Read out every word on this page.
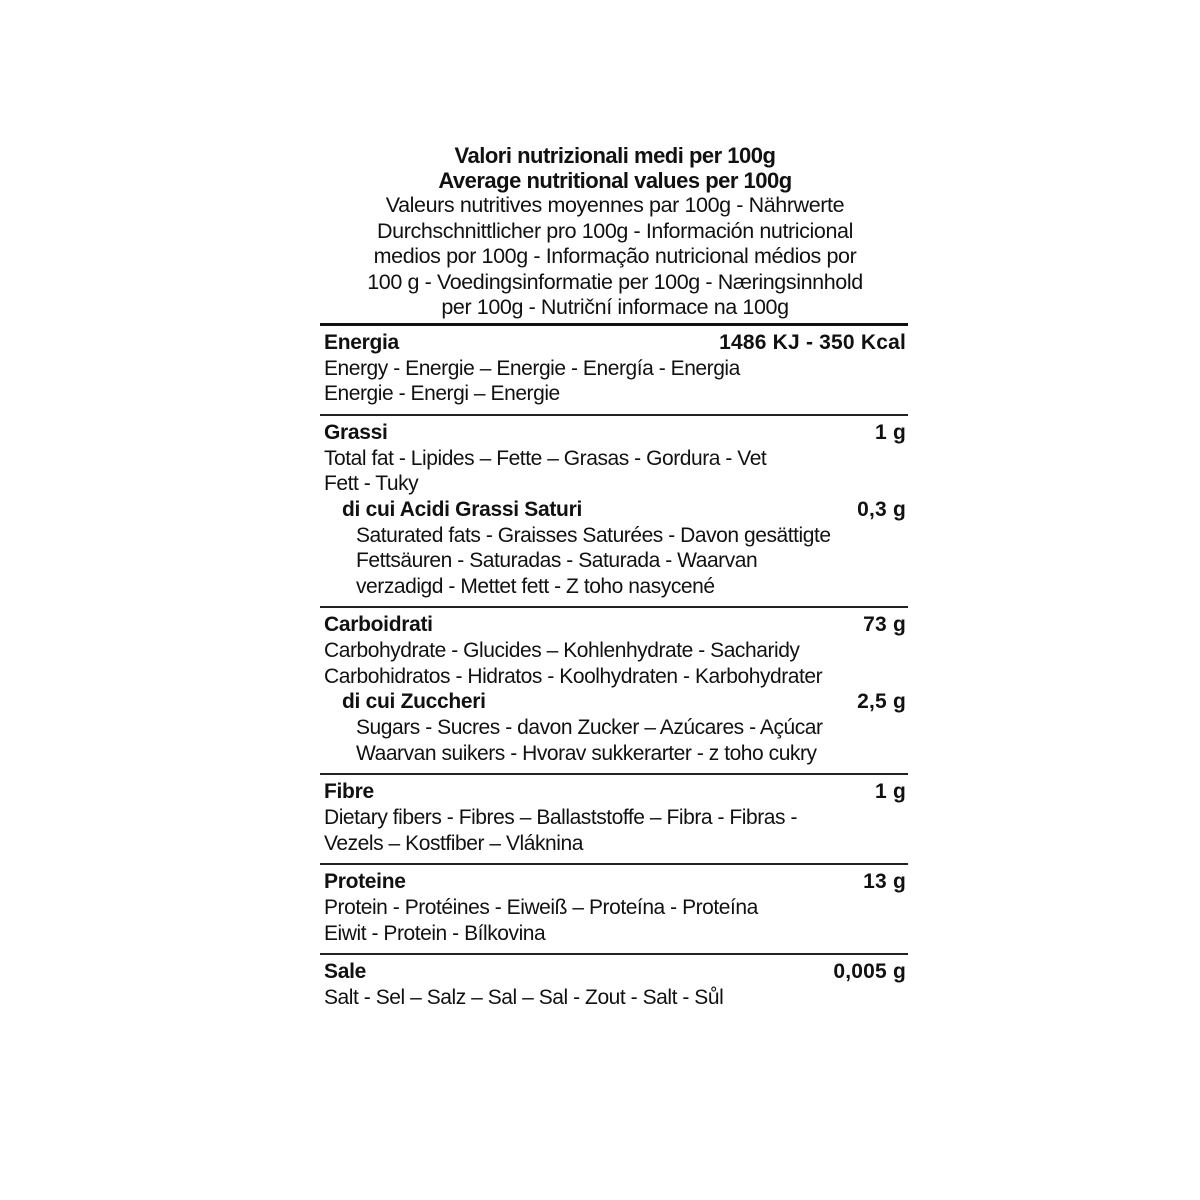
Valori nutrizionali medi per 100g
Average nutritional values per 100g
Valeurs nutritives moyennes par 100g - Nährwerte
Durchschnittlicher pro 100g - Información nutricional
medios por 100g - Informação nutricional médios por
100 g - Voedingsinformatie per 100g - Næringsinnhold
per 100g - Nutriční informace na 100g
Energia	1486 KJ - 350 Kcal
Energy - Energie – Energie - Energía - Energia
Energie - Energi – Energie
Grassi	1 g
Total fat - Lipides – Fette – Grasas - Gordura - Vet
Fett - Tuky
di cui Acidi Grassi Saturi	0,3 g
Saturated fats - Graisses Saturées - Davon gesättigte
Fettsäuren - Saturadas - Saturada - Waarvan
verzadigd - Mettet fett - Z toho nasycené
Carboidrati	73 g
Carbohydrate - Glucides – Kohlenhydrate - Sacharidy
Carbohidratos - Hidratos - Koolhydraten - Karbohydrater
di cui Zuccheri	2,5 g
Sugars - Sucres - davon Zucker – Azúcares - Açúcar
Waarvan suikers - Hvorav sukkerarter - z toho cukry
Fibre	1 g
Dietary fibers - Fibres – Ballaststoffe – Fibra - Fibras -
Vezels – Kostfiber – Vláknina
Proteine	13 g
Protein - Protéines - Eiweiß – Proteína - Proteína
Eiwit - Protein - Bílkovina
Sale	0,005 g
Salt - Sel – Salz – Sal – Sal - Zout - Salt - Sůl
